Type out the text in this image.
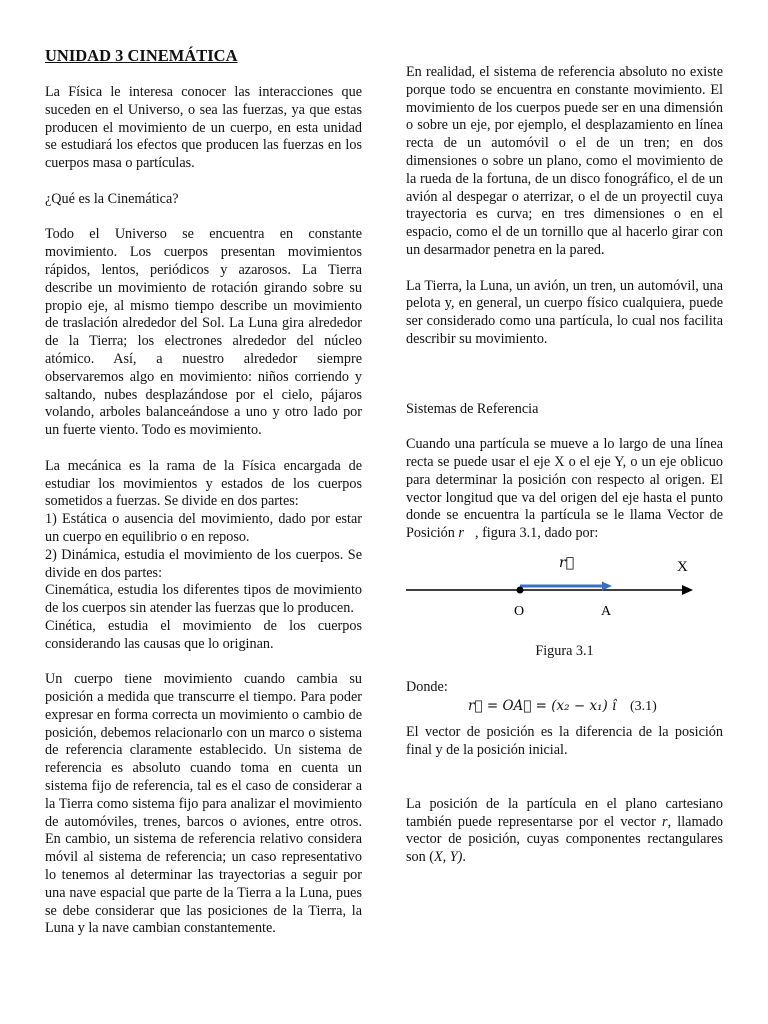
UNIDAD 3 CINEMÁTICA

La Física le interesa conocer las interacciones que suceden en el Universo, o sea las fuerzas, ya que estas producen el movimiento de un cuerpo, en esta unidad se estudiará los efectos que producen las fuerzas en los cuerpos masa o partículas.

¿Qué es la Cinemática?

Todo el Universo se encuentra en constante movimiento. Los cuerpos presentan movimientos rápidos, lentos, periódicos y azarosos. La Tierra describe un movimiento de rotación girando sobre su propio eje, al mismo tiempo describe un movimiento de traslación alrededor del Sol. La Luna gira alrededor de la Tierra; los electrones alrededor del núcleo atómico. Así, a nuestro alrededor siempre observaremos algo en movimiento: niños corriendo y saltando, nubes desplazándose por el cielo, pájaros volando, arboles balanceándose a uno y otro lado por un fuerte viento. Todo es movimiento.

La mecánica es la rama de la Física encargada de estudiar los movimientos y estados de los cuerpos sometidos a fuerzas. Se divide en dos partes:
1) Estática o ausencia del movimiento, dado por estar un cuerpo en equilibrio o en reposo.
2) Dinámica, estudia el movimiento de los cuerpos. Se divide en dos partes:
Cinemática, estudia los diferentes tipos de movimiento de los cuerpos sin atender las fuerzas que lo producen.
Cinética, estudia el movimiento de los cuerpos considerando las causas que lo originan.

Un cuerpo tiene movimiento cuando cambia su posición a medida que transcurre el tiempo. Para poder expresar en forma correcta un movimiento o cambio de posición, debemos relacionarlo con un marco o sistema de referencia claramente establecido. Un sistema de referencia es absoluto cuando toma en cuenta un sistema fijo de referencia, tal es el caso de considerar a la Tierra como sistema fijo para analizar el movimiento de automóviles, trenes, barcos o aviones, entre otros. En cambio, un sistema de referencia relativo considera móvil al sistema de referencia; un caso representativo lo tenemos al determinar las trayectorias a seguir por una nave espacial que parte de la Tierra a la Luna, pues se debe considerar que las posiciones de la Tierra, la Luna y la nave cambian constantemente.

En realidad, el sistema de referencia absoluto no existe porque todo se encuentra en constante movimiento. El movimiento de los cuerpos puede ser en una dimensión o sobre un eje, por ejemplo, el desplazamiento en línea recta de un automóvil o el de un tren; en dos dimensiones o sobre un plano, como el movimiento de la rueda de la fortuna, de un disco fonográfico, el de un avión al despegar o aterrizar, o el de un proyectil cuya trayectoria es curva; en tres dimensiones o en el espacio, como el de un tornillo que al hacerlo girar con un desarmador penetra en la pared.

La Tierra, la Luna, un avión, un tren, un automóvil, una pelota y, en general, un cuerpo físico cualquiera, puede ser considerado como una partícula, lo cual nos facilita describir su movimiento.

Sistemas de Referencia

Cuando una partícula se mueve a lo largo de una línea recta se puede usar el eje X o el eje Y, o un eje oblicuo para determinar la posición con respecto al origen. El vector longitud que va del origen del eje hasta el punto donde se encuentra la partícula se le llama Vector de Posición r⃗, figura 3.1, dado por:

r⃗	X
O	A
Figura 3.1

Donde:

r⃗ = OA⃗ = (x₂ − x₁) î (3.1)

El vector de posición es la diferencia de la posición final y de la posición inicial.

La posición de la partícula en el plano cartesiano también puede representarse por el vector r, llamado vector de posición, cuyas componentes rectangulares son (X, Y).
